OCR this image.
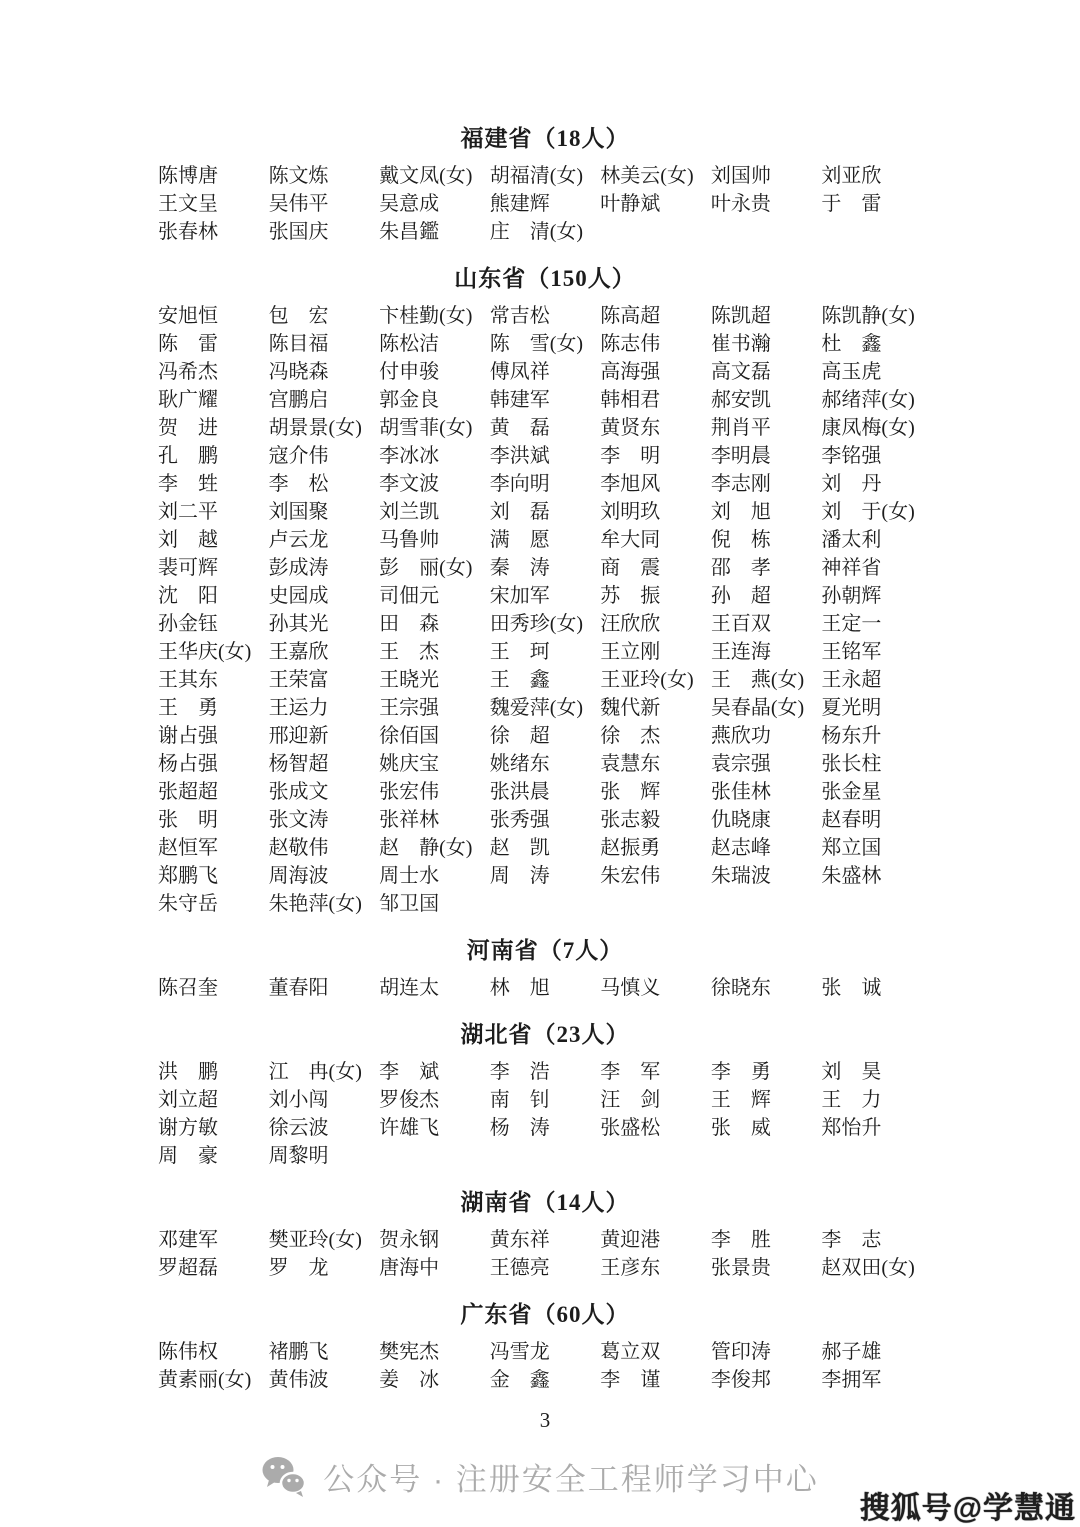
福建省（18人）
陈博唐	陈文炼	戴文凤(女) 胡福清(女) 林美云(女) 刘国帅	刘亚欣
王文呈	吴伟平	吴意成	熊建辉	叶静斌	叶永贵	于　雷
张春林	张国庆	朱昌鑑	庄　清(女)
山东省（150人）
安旭恒	包　宏	卞桂勤(女) 常吉松	陈高超	陈凯超	陈凯静(女)
陈　雷	陈目福	陈松洁	陈　雪(女) 陈志伟	崔书瀚	杜　鑫
冯希杰	冯晓森	付申骏	傅凤祥	高海强	高文磊	高玉虎
耿广耀	宫鹏启	郭金良	韩建军	韩相君	郝安凯	郝绪萍(女)
贺　进	胡景景(女) 胡雪菲(女) 黄　磊	黄贤东	荆肖平	康凤梅(女)
孔　鹏	寇介伟	李冰冰	李洪斌	李　明	李明晨	李铭强
李　甡	李　松	李文波	李向明	李旭风	李志刚	刘　丹
刘二平	刘国聚	刘兰凯	刘　磊	刘明玖	刘　旭	刘　于(女)
刘　越	卢云龙	马鲁帅	满　愿	牟大同	倪　栋	潘太利
裴可辉	彭成涛	彭　丽(女) 秦　涛	商　震	邵　孝	神祥省
沈　阳	史园成	司佃元	宋加军	苏　振	孙　超	孙朝辉
孙金钰	孙其光	田　森	田秀珍(女) 汪欣欣	王百双	王定一
王华庆(女) 王嘉欣	王　杰	王　珂	王立刚	王连海	王铭军
王其东	王荣富	王晓光	王　鑫	王亚玲(女) 王　燕(女) 王永超
王　勇	王运力	王宗强	魏爱萍(女) 魏代新	吴春晶(女) 夏光明
谢占强	邢迎新	徐佰国	徐　超	徐　杰	燕欣功	杨东升
杨占强	杨智超	姚庆宝	姚绪东	袁慧东	袁宗强	张长柱
张超超	张成文	张宏伟	张洪晨	张　辉	张佳林	张金星
张　明	张文涛	张祥林	张秀强	张志毅	仇晓康	赵春明
赵恒军	赵敬伟	赵　静(女) 赵　凯	赵振勇	赵志峰	郑立国
郑鹏飞	周海波	周士水	周　涛	朱宏伟	朱瑞波	朱盛林
朱守岳	朱艳萍(女) 邹卫国
河南省（7人）
陈召奎	董春阳	胡连太	林　旭	马慎义	徐晓东	张　诚
湖北省（23人）
洪　鹏	江　冉(女) 李　斌	李　浩	李　军	李　勇	刘　昊
刘立超	刘小闯	罗俊杰	南　钊	汪　剑	王　辉	王　力
谢方敏	徐云波	许雄飞	杨　涛	张盛松	张　威	郑怡升
周　豪	周黎明
湖南省（14人）
邓建军	樊亚玲(女) 贺永钢	黄东祥	黄迎港	李　胜	李　志
罗超磊	罗　龙	唐海中	王德亮	王彦东	张景贵	赵双田(女)
广东省（60人）
陈伟权	褚鹏飞	樊宪杰	冯雪龙	葛立双	管印涛	郝子雄
黄素丽(女) 黄伟波	姜　冰	金　鑫	李　谨	李俊邦	李拥军
3
公众号 · 注册安全工程师学习中心
搜狐号@学慧通
